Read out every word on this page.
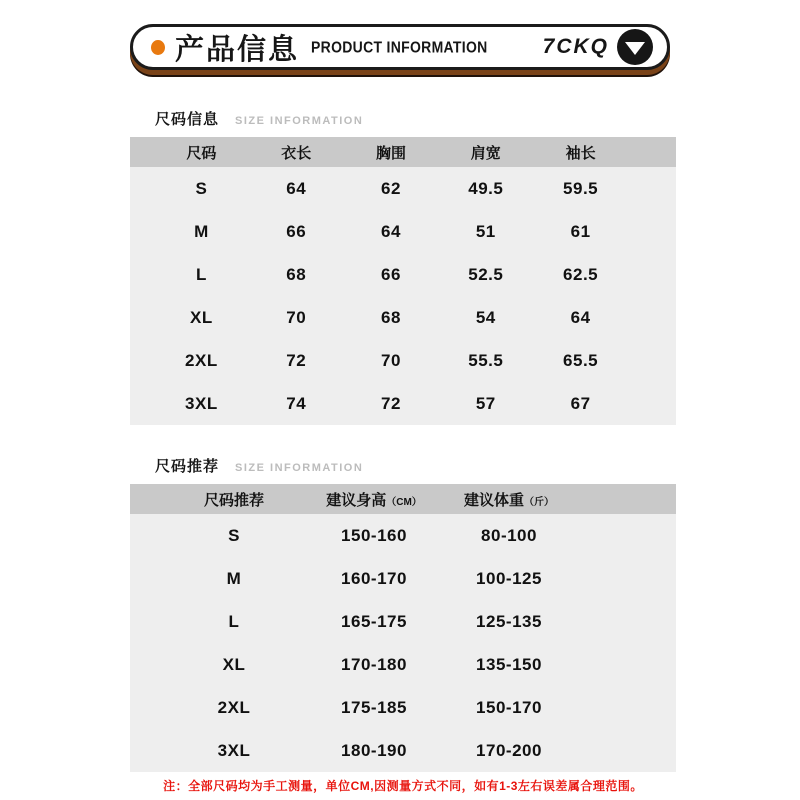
产品信息 PRODUCT INFORMATION	7CKQ
尺码信息 SIZE INFORMATION
尺码	衣长	胸围	肩宽	袖长
S	64	62	49.5	59.5
M	66	64	51	61
L	68	66	52.5	62.5
XL	70	68	54	64
2XL	72	70	55.5	65.5
3XL	74	72	57	67
尺码推荐 SIZE INFORMATION
尺码推荐	建议身高（CM）	建议体重（斤）
S	150-160	80-100
M	160-170	100-125
L	165-175	125-135
XL	170-180	135-150
2XL	175-185	150-170
3XL	180-190	170-200
注：全部尺码均为手工测量，单位CM,因测量方式不同，如有1-3左右误差属合理范围。
